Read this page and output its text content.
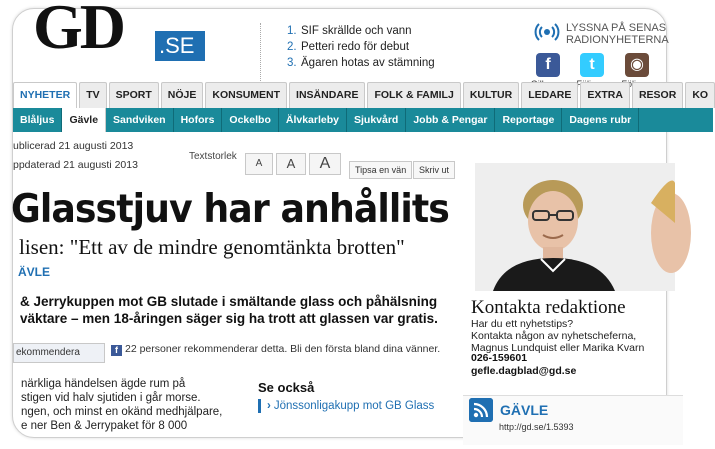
GD .SE
1. SIF skrällde och vann
2. Petteri redo för debut
3. Ägaren hotas av stämning
LYSSNA PÅ SENAS
RADIONYHETERNA
f	t	◉
NYHETER	TV	SPORT	NÖJE	KONSUMENT	INSÄNDARE	FOLK & FAMILJ	KULTUR	LEDARE	EXTRA	RESOR	KO
Blåljus	Gävle	Sandviken	Hofors	Ockelbo	Älvkarleby	Sjukvård	Jobb & Pengar	Reportage	Dagens rubr
ublicerad 21 augusti 2013
ppdaterad 21 augusti 2013
Textstorlek
A	A	A	Tipsa en vän	Skriv ut
Glasstjuv har anhållits
lisen: "Ett av de mindre genomtänkta brotten"
ÄVLE
& Jerrykuppen mot GB slutade i smältande glass och påhälsning
väktare – men 18-åringen säger sig ha trott att glassen var gratis.
ekommendera	f 22 personer rekommenderar detta. Bli den första bland dina vänner.
närkliga händelsen ägde rum på
stigen vid halv sjutiden i går morse.
ngen, och minst en okänd medhjälpare,
e ner Ben & Jerrypaket för 8 000
Se också
› Jönssonligakupp mot GB Glass
Kontakta redaktione
Har du ett nyhetstips?
Kontakta någon av nyhetscheferna,
Magnus Lundquist eller Marika Kvarn
026-159601
gefle.dagblad@gd.se
GÄVLE
http://gd.se/1.5393
